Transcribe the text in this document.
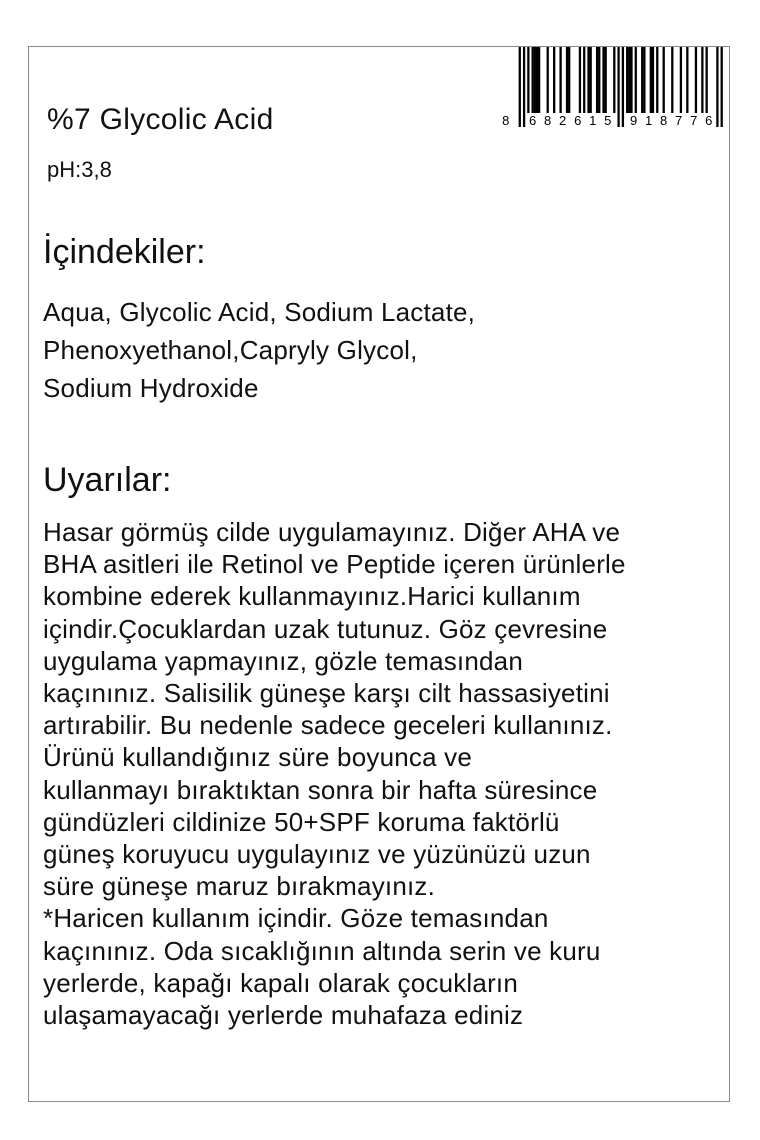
%7 Glycolic Acid
pH:3,8
8 6 8 2 6 1 5 9 1 8 7 7 6
İçindekiler:
Aqua, Glycolic Acid, Sodium Lactate,
Phenoxyethanol,Capryly Glycol,
Sodium Hydroxide
Uyarılar:
Hasar görmüş cilde uygulamayınız. Diğer AHA ve
BHA asitleri ile Retinol ve Peptide içeren ürünlerle
kombine ederek kullanmayınız.Harici kullanım
içindir.Çocuklardan uzak tutunuz. Göz çevresine
uygulama yapmayınız, gözle temasından
kaçınınız. Salisilik güneşe karşı cilt hassasiyetini
artırabilir. Bu nedenle sadece geceleri kullanınız.
Ürünü kullandığınız süre boyunca ve
kullanmayı bıraktıktan sonra bir hafta süresince
gündüzleri cildinize 50+SPF koruma faktörlü
güneş koruyucu uygulayınız ve yüzünüzü uzun
süre güneşe maruz bırakmayınız.
*Haricen kullanım içindir. Göze temasından
kaçınınız. Oda sıcaklığının altında serin ve kuru
yerlerde, kapağı kapalı olarak çocukların
ulaşamayacağı yerlerde muhafaza ediniz
